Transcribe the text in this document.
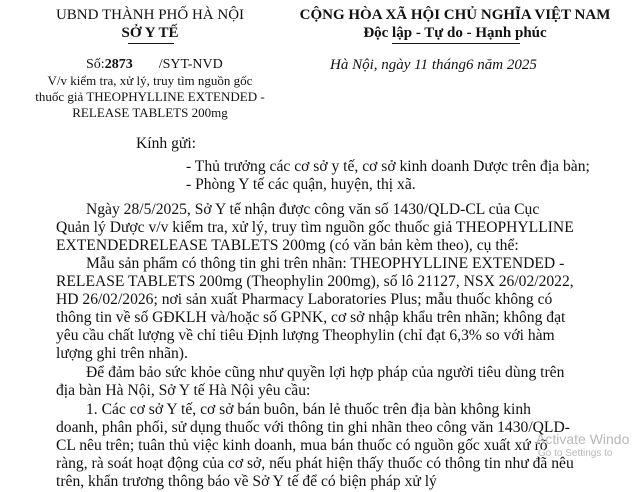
UBND THÀNH PHỐ HÀ NỘI
SỞ Y TẾ
CỘNG HÒA XÃ HỘI CHỦ NGHĨA VIỆT NAM
Độc lập - Tự do - Hạnh phúc
Số:2873 /SYT-NVD	Hà Nội, ngày 11 tháng6 năm 2025
V/v kiểm tra, xử lý, truy tìm nguồn gốc
thuốc giả THEOPHYLLINE EXTENDED -
RELEASE TABLETS 200mg
Kính gửi:
- Thủ trưởng các cơ sở y tế, cơ sở kinh doanh Dược trên địa bàn;
- Phòng Y tế các quận, huyện, thị xã.
Ngày 28/5/2025, Sở Y tế nhận được công văn số 1430/QLD-CL của Cục
Quản lý Dược v/v kiểm tra, xử lý, truy tìm nguồn gốc thuốc giả THEOPHYLLINE
EXTENDEDRELEASE TABLETS 200mg (có văn bản kèm theo), cụ thể:
Mẫu sản phẩm có thông tin ghi trên nhãn: THEOPHYLLINE EXTENDED -
RELEASE TABLETS 200mg (Theophylin 200mg), số lô 21127, NSX 26/02/2022,
HD 26/02/2026; nơi sản xuất Pharmacy Laboratories Plus; mẫu thuốc không có
thông tin về số GĐKLH và/hoặc số GPNK, cơ sở nhập khẩu trên nhãn; không đạt
yêu cầu chất lượng về chỉ tiêu Định lượng Theophylin (chỉ đạt 6,3% so với hàm
lượng ghi trên nhãn).
Để đảm bảo sức khỏe cũng như quyền lợi hợp pháp của người tiêu dùng trên
địa bàn Hà Nội, Sở Y tế Hà Nội yêu cầu:
1. Các cơ sở Y tế, cơ sở bán buôn, bán lẻ thuốc trên địa bàn không kinh
doanh, phân phối, sử dụng thuốc với thông tin ghi nhãn theo công văn 1430/QLD-
CL nêu trên; tuân thủ việc kinh doanh, mua bán thuốc có nguồn gốc xuất xứ rõ
ràng, rà soát hoạt động của cơ sở, nếu phát hiện thấy thuốc có thông tin như đã nêu
trên, khẩn trương thông báo về Sở Y tế để có biện pháp xử lý
Activate Windo
Go to Settings to
